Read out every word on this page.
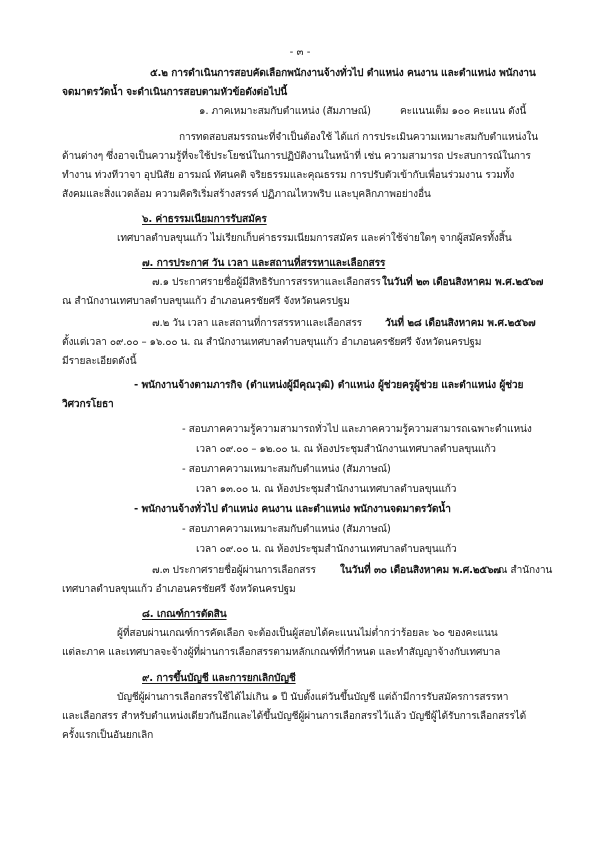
- ๓ -
๕.๒ การดำเนินการสอบคัดเลือกพนักงานจ้างทั่วไป ตำแหน่ง คนงาน และตำแหน่ง พนักงาน
จดมาตรวัดน้ำ จะดำเนินการสอบตามหัวข้อดังต่อไปนี้
๑. ภาคเหมาะสมกับตำแหน่ง (สัมภาษณ์)	คะแนนเต็ม ๑๐๐ คะแนน ดังนี้
การทดสอบสมรรถนะที่จำเป็นต้องใช้ ได้แก่ การประเมินความเหมาะสมกับตำแหน่งใน
ด้านต่างๆ ซึ่งอาจเป็นความรู้ที่จะใช้ประโยชน์ในการปฏิบัติงานในหน้าที่ เช่น ความสามารถ ประสบการณ์ในการ
ทำงาน ท่วงทีวาจา อุปนิสัย อารมณ์ ทัศนคติ จริยธรรมและคุณธรรม การปรับตัวเข้ากับเพื่อนร่วมงาน รวมทั้ง
สังคมและสิ่งแวดล้อม ความคิดริเริ่มสร้างสรรค์ ปฏิภาณไหวพริบ และบุคลิกภาพอย่างอื่น
๖. ค่าธรรมเนียมการรับสมัคร
เทศบาลตำบลขุนแก้ว ไม่เรียกเก็บค่าธรรมเนียมการสมัคร และค่าใช้จ่ายใดๆ จากผู้สมัครทั้งสิ้น
๗. การประกาศ วัน เวลา และสถานที่สรรหาและเลือกสรร
๗.๑ ประกาศรายชื่อผู้มีสิทธิรับการสรรหาและเลือกสรร ในวันที่ ๒๓ เดือนสิงหาคม พ.ศ.๒๕๖๗
ณ สำนักงานเทศบาลตำบลขุนแก้ว อำเภอนครชัยศรี จังหวัดนครปฐม
๗.๒ วัน เวลา และสถานที่การสรรหาและเลือกสรร วันที่ ๒๘ เดือนสิงหาคม พ.ศ.๒๕๖๗
ตั้งแต่เวลา ๐๙.๐๐ – ๑๖.๐๐ น. ณ สำนักงานเทศบาลตำบลขุนแก้ว อำเภอนครชัยศรี จังหวัดนครปฐม
มีรายละเอียดดังนี้
- พนักงานจ้างตามภารกิจ (ตำแหน่งผู้มีคุณวุฒิ) ตำแหน่ง ผู้ช่วยครูผู้ช่วย และตำแหน่ง ผู้ช่วย
วิศวกรโยธา
- สอบภาคความรู้ความสามารถทั่วไป และภาคความรู้ความสามารถเฉพาะตำแหน่ง
เวลา ๐๙.๐๐ – ๑๒.๐๐ น. ณ ห้องประชุมสำนักงานเทศบาลตำบลขุนแก้ว
- สอบภาคความเหมาะสมกับตำแหน่ง (สัมภาษณ์)
เวลา ๑๓.๐๐ น. ณ ห้องประชุมสำนักงานเทศบาลตำบลขุนแก้ว
- พนักงานจ้างทั่วไป ตำแหน่ง คนงาน และตำแหน่ง พนักงานจดมาตรวัดน้ำ
- สอบภาคความเหมาะสมกับตำแหน่ง (สัมภาษณ์)
เวลา ๐๙.๐๐ น. ณ ห้องประชุมสำนักงานเทศบาลตำบลขุนแก้ว
๗.๓ ประกาศรายชื่อผู้ผ่านการเลือกสรร ในวันที่ ๓๐ เดือนสิงหาคม พ.ศ.๒๕๖๗
ณ สำนักงาน
เทศบาลตำบลขุนแก้ว อำเภอนครชัยศรี จังหวัดนครปฐม
๘. เกณฑ์การตัดสิน
ผู้ที่สอบผ่านเกณฑ์การคัดเลือก จะต้องเป็นผู้สอบได้คะแนนไม่ต่ำกว่าร้อยละ ๖๐ ของคะแนน
แต่ละภาค และเทศบาลจะจ้างผู้ที่ผ่านการเลือกสรรตามหลักเกณฑ์ที่กำหนด และทำสัญญาจ้างกับเทศบาล
๙. การขึ้นบัญชี และการยกเลิกบัญชี
บัญชีผู้ผ่านการเลือกสรรใช้ได้ไม่เกิน ๑ ปี นับตั้งแต่วันขึ้นบัญชี แต่ถ้ามีการรับสมัครการสรรหา
และเลือกสรร สำหรับตำแหน่งเดียวกันอีกและได้ขึ้นบัญชีผู้ผ่านการเลือกสรรไว้แล้ว บัญชีผู้ได้รับการเลือกสรรได้
ครั้งแรกเป็นอันยกเลิก
